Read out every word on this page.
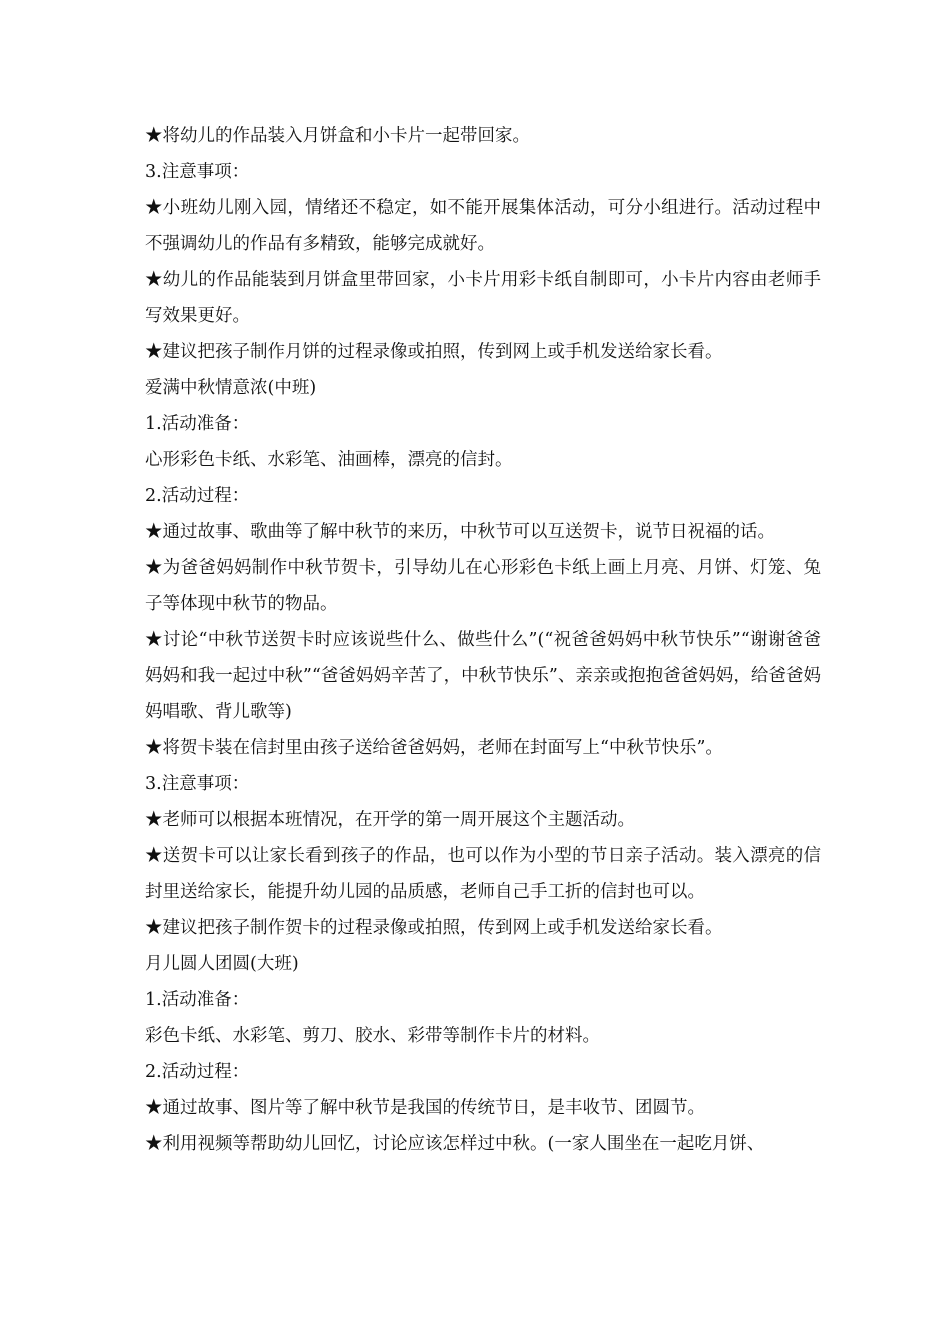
★将幼儿的作品装入月饼盒和小卡片一起带回家。

3.注意事项：

★小班幼儿刚入园，情绪还不稳定，如不能开展集体活动，可分小组进行。活动过程中不强调幼儿的作品有多精致，能够完成就好。

★幼儿的作品能装到月饼盒里带回家，小卡片用彩卡纸自制即可，小卡片内容由老师手写效果更好。

★建议把孩子制作月饼的过程录像或拍照，传到网上或手机发送给家长看。

爱满中秋情意浓(中班)

1.活动准备：

心形彩色卡纸、水彩笔、油画棒，漂亮的信封。

2.活动过程：

★通过故事、歌曲等了解中秋节的来历，中秋节可以互送贺卡，说节日祝福的话。

★为爸爸妈妈制作中秋节贺卡，引导幼儿在心形彩色卡纸上画上月亮、月饼、灯笼、兔子等体现中秋节的物品。

★讨论“中秋节送贺卡时应该说些什么、做些什么”(“祝爸爸妈妈中秋节快乐”“谢谢爸爸妈妈和我一起过中秋”“爸爸妈妈辛苦了，中秋节快乐”、亲亲或抱抱爸爸妈妈，给爸爸妈妈唱歌、背儿歌等)

★将贺卡装在信封里由孩子送给爸爸妈妈，老师在封面写上“中秋节快乐”。

3.注意事项：

★老师可以根据本班情况，在开学的第一周开展这个主题活动。

★送贺卡可以让家长看到孩子的作品，也可以作为小型的节日亲子活动。装入漂亮的信封里送给家长，能提升幼儿园的品质感，老师自己手工折的信封也可以。

★建议把孩子制作贺卡的过程录像或拍照，传到网上或手机发送给家长看。

月儿圆人团圆(大班)

1.活动准备：

彩色卡纸、水彩笔、剪刀、胶水、彩带等制作卡片的材料。

2.活动过程：

★通过故事、图片等了解中秋节是我国的传统节日，是丰收节、团圆节。

★利用视频等帮助幼儿回忆，讨论应该怎样过中秋。(一家人围坐在一起吃月饼、
